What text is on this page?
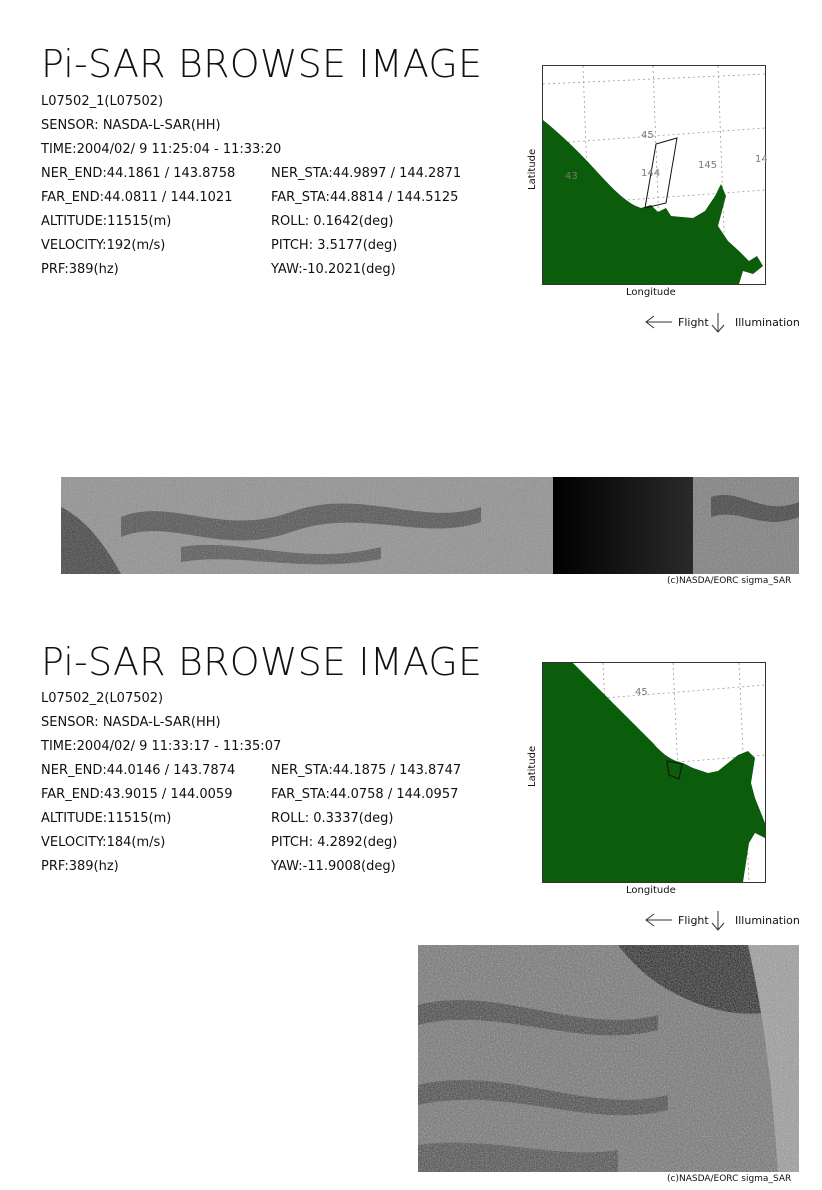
Pi-SAR BROWSE IMAGE
L07502_1(L07502)
SENSOR: NASDA-L-SAR(HH)
TIME:2004/02/ 9 11:25:04 - 11:33:20
NER_END:44.1861 / 143.8758	NER_STA:44.9897 / 144.2871
FAR_END:44.0811 / 144.1021	FAR_STA:44.8814 / 144.5125
ALTITUDE:11515(m)	ROLL: 0.1642(deg)
VELOCITY:192(m/s)	PITCH: 3.5177(deg)
PRF:389(hz)	YAW:-10.2021(deg)
45
144
145
14
43
Latitude
Longitude
Flight Illumination
(c)NASDA/EORC sigma_SAR
Pi-SAR BROWSE IMAGE
L07502_2(L07502)
SENSOR: NASDA-L-SAR(HH)
TIME:2004/02/ 9 11:33:17 - 11:35:07
NER_END:44.0146 / 143.7874	NER_STA:44.1875 / 143.8747
FAR_END:43.9015 / 144.0059	FAR_STA:44.0758 / 144.0957
ALTITUDE:11515(m)	ROLL: 0.3337(deg)
VELOCITY:184(m/s)	PITCH: 4.2892(deg)
PRF:389(hz)	YAW:-11.9008(deg)
45
Latitude
Longitude
Flight Illumination
(c)NASDA/EORC sigma_SAR
